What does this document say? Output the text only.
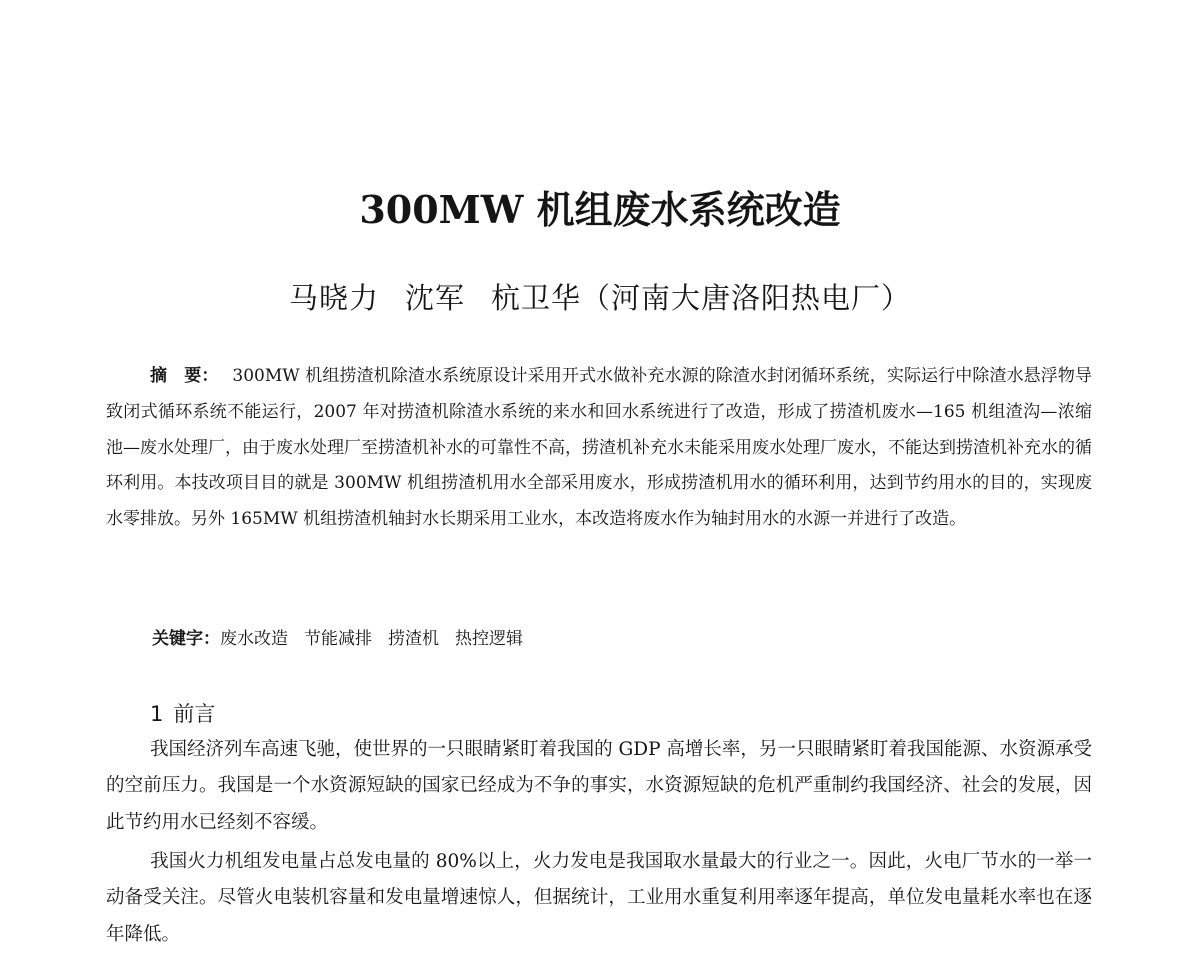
300MW 机组废水系统改造
马晓力 沈军 杭卫华（河南大唐洛阳热电厂）
摘　要： 300MW 机组捞渣机除渣水系统原设计采用开式水做补充水源的除渣水封闭循环系统，实际运行中除渣水悬浮物导致闭式循环系统不能运行，2007 年对捞渣机除渣水系统的来水和回水系统进行了改造，形成了捞渣机废水—165 机组渣沟—浓缩池—废水处理厂，由于废水处理厂至捞渣机补水的可靠性不高，捞渣机补充水未能采用废水处理厂废水，不能达到捞渣机补充水的循环利用。本技改项目目的就是 300MW 机组捞渣机用水全部采用废水，形成捞渣机用水的循环利用，达到节约用水的目的，实现废水零排放。另外 165MW 机组捞渣机轴封水长期采用工业水，本改造将废水作为轴封用水的水源一并进行了改造。
关键字：废水改造 节能减排 捞渣机 热控逻辑
1 前言
我国经济列车高速飞驰，使世界的一只眼睛紧盯着我国的 GDP 高增长率，另一只眼睛紧盯着我国能源、水资源承受的空前压力。我国是一个水资源短缺的国家已经成为不争的事实，水资源短缺的危机严重制约我国经济、社会的发展，因此节约用水已经刻不容缓。
我国火力机组发电量占总发电量的 80%以上，火力发电是我国取水量最大的行业之一。因此，火电厂节水的一举一动备受关注。尽管火电装机容量和发电量增速惊人，但据统计，工业用水重复利用率逐年提高，单位发电量耗水率也在逐年降低。
